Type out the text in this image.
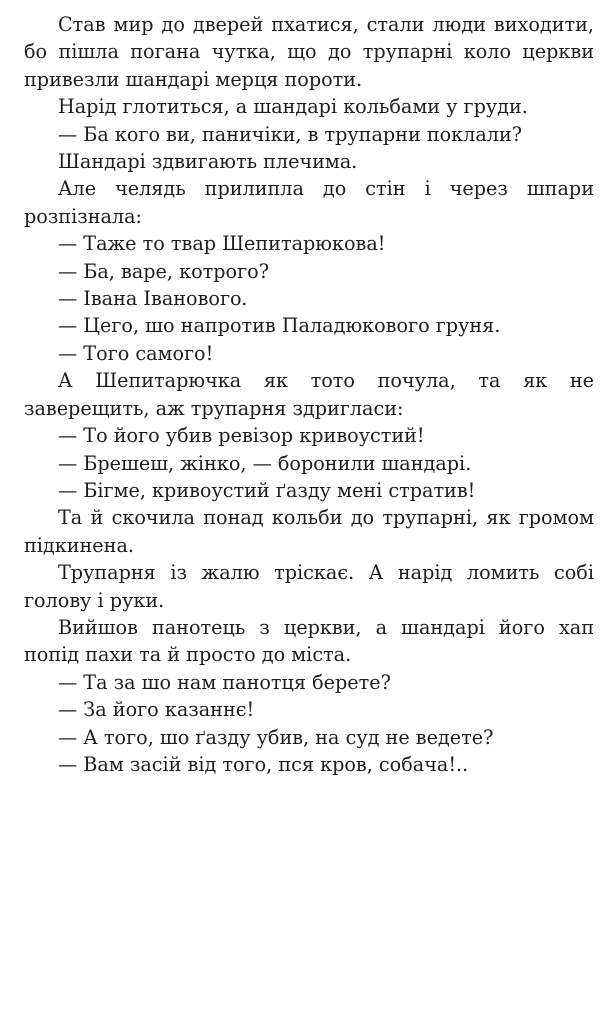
Став мир до дверей пхатися, стали люди виходити, бо пішла погана чутка, що до трупарні коло церкви привезли шандарі мерця пороти.

Нарід глотиться, а шандарі кольбами у груди.

— Ба кого ви, паничіки, в трупарни поклали?

Шандарі здвигають плечима.

Але челядь прилипла до стін і через шпари розпізнала:

— Таже то твар Шепитарюкова!

— Ба, варе, котрого?

— Івана Івановогo.

— Цего, шо напротив Паладюкового груня.

— Того самого!

А Шепитарючка як тото почула, та як не заверещить, аж трупарня здригласи:

— То його убив ревізор кривоустий!

— Брешеш, жінко, — боронили шандарі.

— Бігме, кривоустий ґазду мені стратив!

Та й скочила понад кольби до трупарні, як громом підкинена.

Трупарня із жалю тріскає. А нарід ломить собі голову і руки.

Вийшов панотець з церкви, а шандарі його хап попід пахи та й просто до міста.

— Та за шо нам панотця берете?

— За його казаннє!

— А того, шо ґазду убив, на суд не ведете?

— Вам засій від того, пся кров, собача!..
